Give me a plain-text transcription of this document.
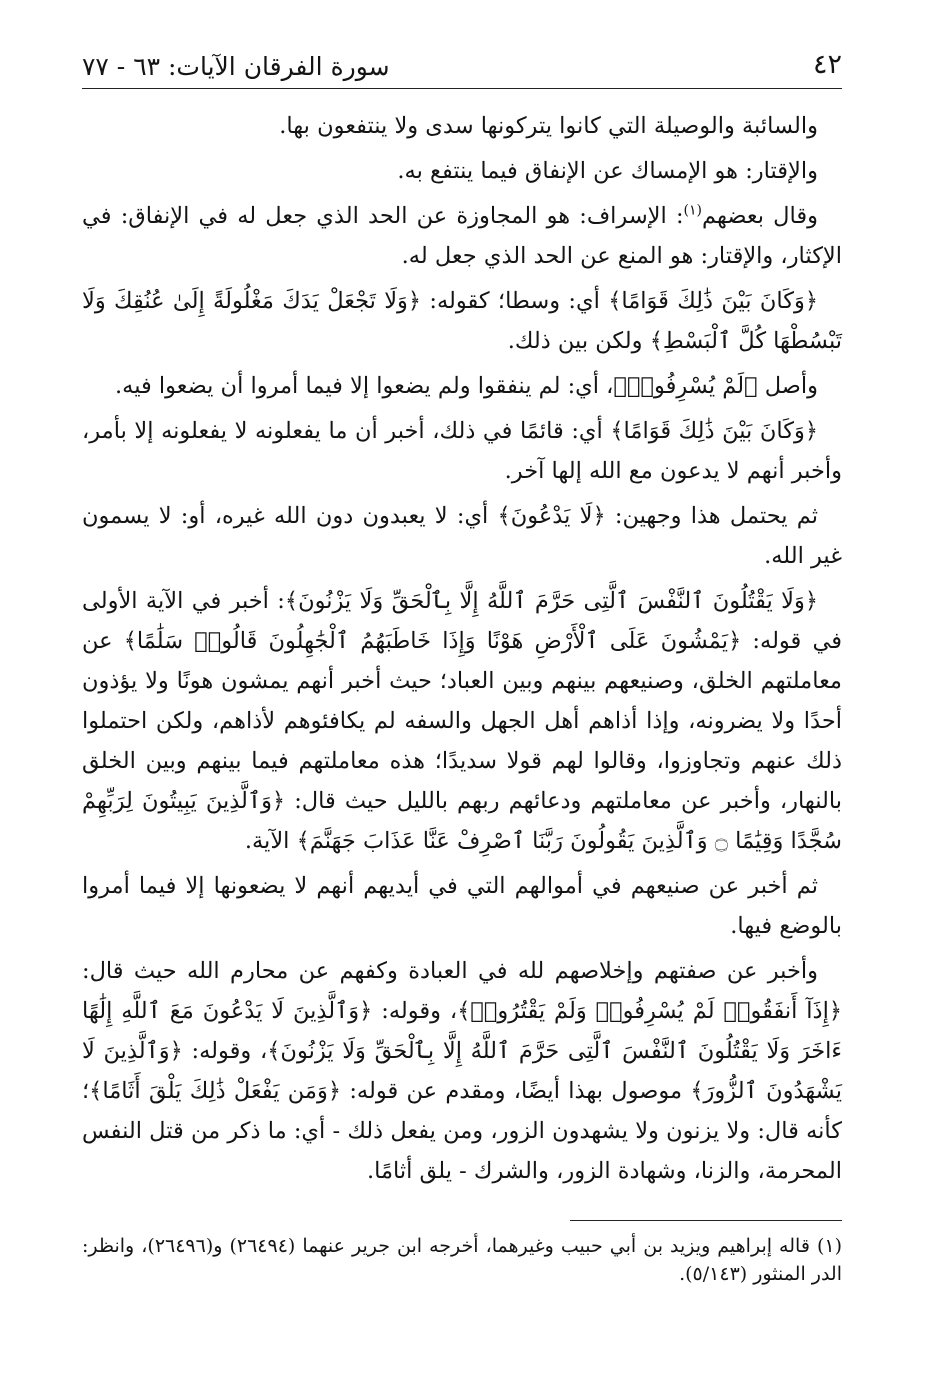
٤٢
سورة الفرقان الآيات: ٦٣ - ٧٧

والسائبة والوصيلة التي كانوا يتركونها سدى ولا ينتفعون بها.

والإقتار: هو الإمساك عن الإنفاق فيما ينتفع به.

وقال بعضهم$^{(١)}$: الإسراف: هو المجاوزة عن الحد الذي جعل له في الإنفاق: في الإكثار، والإقتار: هو المنع عن الحد الذي جعل له.

﴿وَكَانَ بَيْنَ ذَٰلِكَ قَوَامًا﴾ أي: وسطا؛ كقوله: ﴿وَلَا تَجْعَلْ يَدَكَ مَغْلُولَةً إِلَىٰ عُنُقِكَ وَلَا تَبْسُطْهَا كُلَّ ٱلْبَسْطِ﴾ ولكن بين ذلك.

وأصل ﴿لَمْ يُسْرِفُوا۟﴾، أي: لم ينفقوا ولم يضعوا إلا فيما أمروا أن يضعوا فيه.

﴿وَكَانَ بَيْنَ ذَٰلِكَ قَوَامًا﴾ أي: قائمًا في ذلك، أخبر أن ما يفعلونه لا يفعلونه إلا بأمر، وأخبر أنهم لا يدعون مع الله إلها آخر.

ثم يحتمل هذا وجهين: ﴿لَا يَدْعُونَ﴾ أي: لا يعبدون دون الله غيره، أو: لا يسمون غير الله.

﴿وَلَا يَقْتُلُونَ ٱلنَّفْسَ ٱلَّتِى حَرَّمَ ٱللَّهُ إِلَّا بِٱلْحَقِّ وَلَا يَزْنُونَ﴾: أخبر في الآية الأولى في قوله: ﴿يَمْشُونَ عَلَى ٱلْأَرْضِ هَوْنًا وَإِذَا خَاطَبَهُمُ ٱلْجَٰهِلُونَ قَالُوا۟ سَلَٰمًا﴾ عن معاملتهم الخلق، وصنيعهم بينهم وبين العباد؛ حيث أخبر أنهم يمشون هونًا ولا يؤذون أحدًا ولا يضرونه، وإذا أذاهم أهل الجهل والسفه لم يكافئوهم لأذاهم، ولكن احتملوا ذلك عنهم وتجاوزوا، وقالوا لهم قولا سديدًا؛ هذه معاملتهم فيما بينهم وبين الخلق بالنهار، وأخبر عن معاملتهم ودعائهم ربهم بالليل حيث قال: ﴿وَٱلَّذِينَ يَبِيتُونَ لِرَبِّهِمْ سُجَّدًا وَقِيَٰمًا ۝ وَٱلَّذِينَ يَقُولُونَ رَبَّنَا ٱصْرِفْ عَنَّا عَذَابَ جَهَنَّمَ﴾ الآية.

ثم أخبر عن صنيعهم في أموالهم التي في أيديهم أنهم لا يضعونها إلا فيما أمروا بالوضع فيها.

وأخبر عن صفتهم وإخلاصهم لله في العبادة وكفهم عن محارم الله حيث قال: ﴿إِذَآ أَنفَقُوا۟ لَمْ يُسْرِفُوا۟ وَلَمْ يَقْتُرُوا۟﴾، وقوله: ﴿وَٱلَّذِينَ لَا يَدْعُونَ مَعَ ٱللَّهِ إِلَٰهًا ءَاخَرَ وَلَا يَقْتُلُونَ ٱلنَّفْسَ ٱلَّتِى حَرَّمَ ٱللَّهُ إِلَّا بِٱلْحَقِّ وَلَا يَزْنُونَ﴾، وقوله: ﴿وَٱلَّذِينَ لَا يَشْهَدُونَ ٱلزُّورَ﴾ موصول بهذا أيضًا، ومقدم عن قوله: ﴿وَمَن يَفْعَلْ ذَٰلِكَ يَلْقَ أَثَامًا﴾؛ كأنه قال: ولا يزنون ولا يشهدون الزور، ومن يفعل ذلك - أي: ما ذكر من قتل النفس المحرمة، والزنا، وشهادة الزور، والشرك - يلق أثامًا.

(١) قاله إبراهيم ويزيد بن أبي حبيب وغيرهما، أخرجه ابن جرير عنهما (٢٦٤٩٤) و(٢٦٤٩٦)، وانظر: الدر المنثور (٥/١٤٣).
